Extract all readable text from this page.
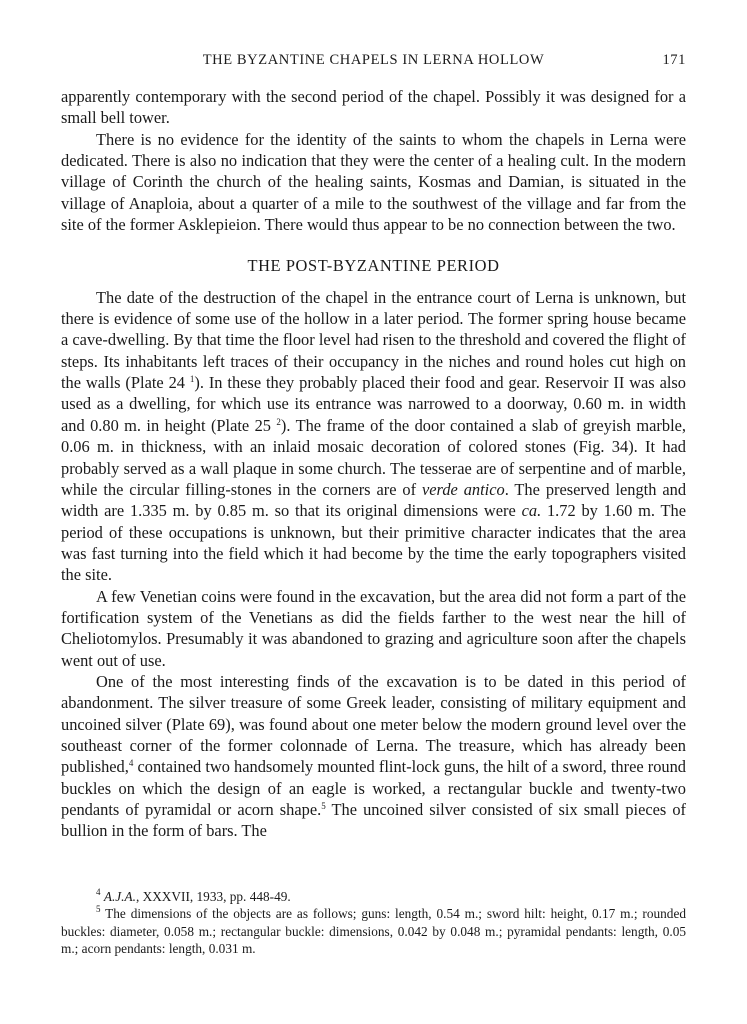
THE BYZANTINE CHAPELS IN LERNA HOLLOW	171

apparently contemporary with the second period of the chapel. Possibly it was designed for a small bell tower.

There is no evidence for the identity of the saints to whom the chapels in Lerna were dedicated. There is also no indication that they were the center of a healing cult. In the modern village of Corinth the church of the healing saints, Kosmas and Damian, is situated in the village of Anaploia, about a quarter of a mile to the southwest of the village and far from the site of the former Asklepieion. There would thus appear to be no connection between the two.

THE POST-BYZANTINE PERIOD

The date of the destruction of the chapel in the entrance court of Lerna is unknown, but there is evidence of some use of the hollow in a later period. The former spring house became a cave-dwelling. By that time the floor level had risen to the threshold and covered the flight of steps. Its inhabitants left traces of their occupancy in the niches and round holes cut high on the walls (Plate 24 $^1$). In these they probably placed their food and gear. Reservoir II was also used as a dwelling, for which use its entrance was narrowed to a doorway, 0.60 m. in width and 0.80 m. in height (Plate 25 $^2$). The frame of the door contained a slab of greyish marble, 0.06 m. in thickness, with an inlaid mosaic decoration of colored stones (Fig. 34). It had probably served as a wall plaque in some church. The tesserae are of serpentine and of marble, while the circular filling-stones in the corners are of verde antico. The preserved length and width are 1.335 m. by 0.85 m. so that its original dimensions were ca. 1.72 by 1.60 m. The period of these occupations is unknown, but their primitive character indicates that the area was fast turning into the field which it had become by the time the early topographers visited the site.

A few Venetian coins were found in the excavation, but the area did not form a part of the fortification system of the Venetians as did the fields farther to the west near the hill of Cheliotomylos. Presumably it was abandoned to grazing and agriculture soon after the chapels went out of use.

One of the most interesting finds of the excavation is to be dated in this period of abandonment. The silver treasure of some Greek leader, consisting of military equipment and uncoined silver (Plate 69), was found about one meter below the modern ground level over the southeast corner of the former colonnade of Lerna. The treasure, which has already been published,$^4$ contained two handsomely mounted flint-lock guns, the hilt of a sword, three round buckles on which the design of an eagle is worked, a rectangular buckle and twenty-two pendants of pyramidal or acorn shape.$^5$ The uncoined silver consisted of six small pieces of bullion in the form of bars. The

$^4$ A.J.A., XXXVII, 1933, pp. 448-49.

$^5$ The dimensions of the objects are as follows; guns: length, 0.54 m.; sword hilt: height, 0.17 m.; rounded buckles: diameter, 0.058 m.; rectangular buckle: dimensions, 0.042 by 0.048 m.; pyramidal pendants: length, 0.05 m.; acorn pendants: length, 0.031 m.
